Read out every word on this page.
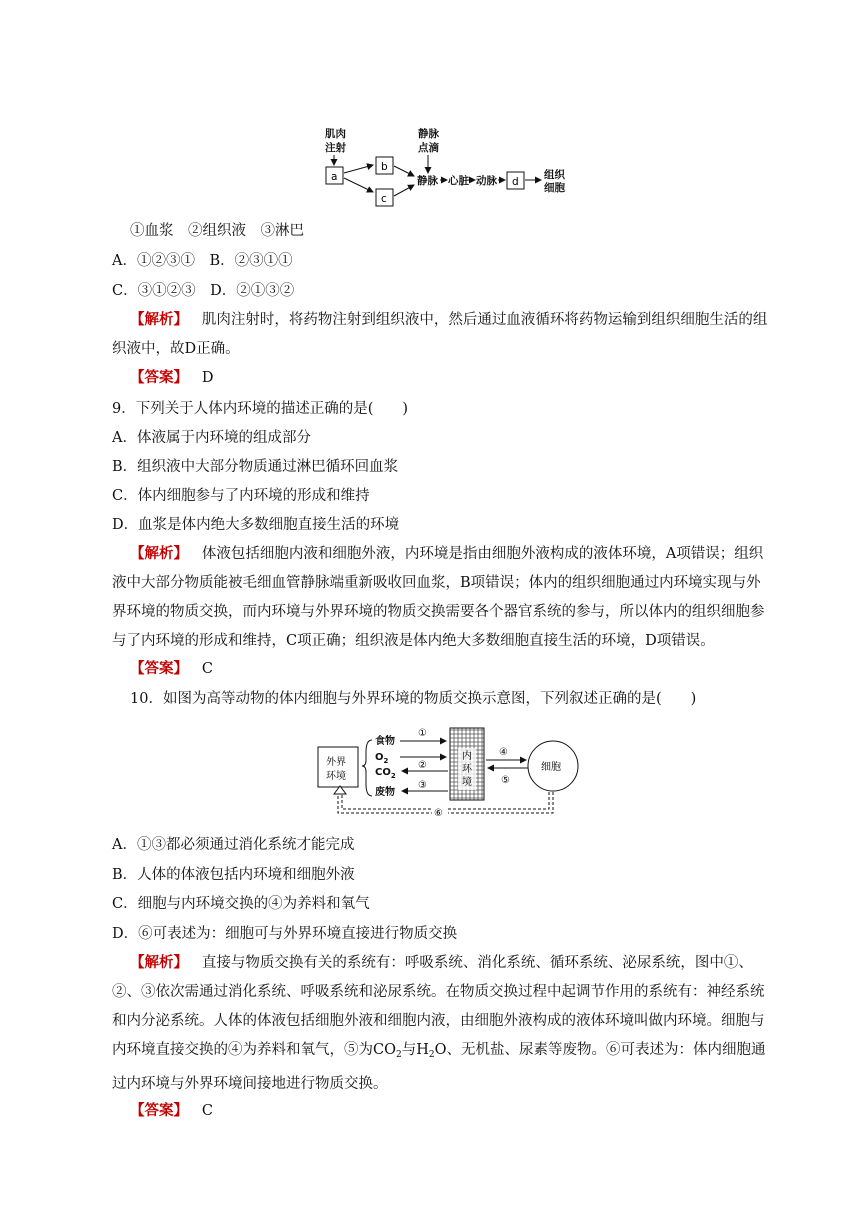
肌肉
注射
静脉
点滴
a
b
c
静脉 心脏 动脉	组织
细胞
d
①血浆　②组织液　③淋巴
A．①②③①　B．②③①①
C．③①②③　D．②①③②
【解析】 肌肉注射时，将药物注射到组织液中，然后通过血液循环将药物运输到组织细胞生活的组织液中，故D正确。
【答案】 D
9．下列关于人体内环境的描述正确的是(　　)
A．体液属于内环境的组成部分
B．组织液中大部分物质通过淋巴循环回血浆
C．体内细胞参与了内环境的形成和维持
D．血浆是体内绝大多数细胞直接生活的环境
【解析】 体液包括细胞内液和细胞外液，内环境是指由细胞外液构成的液体环境，A项错误；组织液中大部分物质能被毛细血管静脉端重新吸收回血浆，B项错误；体内的组织细胞通过内环境实现与外界环境的物质交换，而内环境与外界环境的物质交换需要各个器官系统的参与，所以体内的组织细胞参与了内环境的形成和维持，C项正确；组织液是体内绝大多数细胞直接生活的环境，D项错误。
【答案】 C
10．如图为高等动物的体内细胞与外界环境的物质交换示意图，下列叙述正确的是(　　)
外界
环境
食物
$O_2$
$CO_2$
废物
①
②
③
内
环
境
④
⑤
细胞
⑥
A．①③都必须通过消化系统才能完成
B．人体的体液包括内环境和细胞外液
C．细胞与内环境交换的④为养料和氧气
D．⑥可表述为：细胞可与外界环境直接进行物质交换
【解析】 直接与物质交换有关的系统有：呼吸系统、消化系统、循环系统、泌尿系统，图中①、②、③依次需通过消化系统、呼吸系统和泌尿系统。在物质交换过程中起调节作用的系统有：神经系统和内分泌系统。人体的体液包括细胞外液和细胞内液，由细胞外液构成的液体环境叫做内环境。细胞与内环境直接交换的④为养料和氧气，⑤为$CO_2$与$H_2O$、无机盐、尿素等废物。⑥可表述为：体内细胞通过内环境与外界环境间接地进行物质交换。
【答案】 C
